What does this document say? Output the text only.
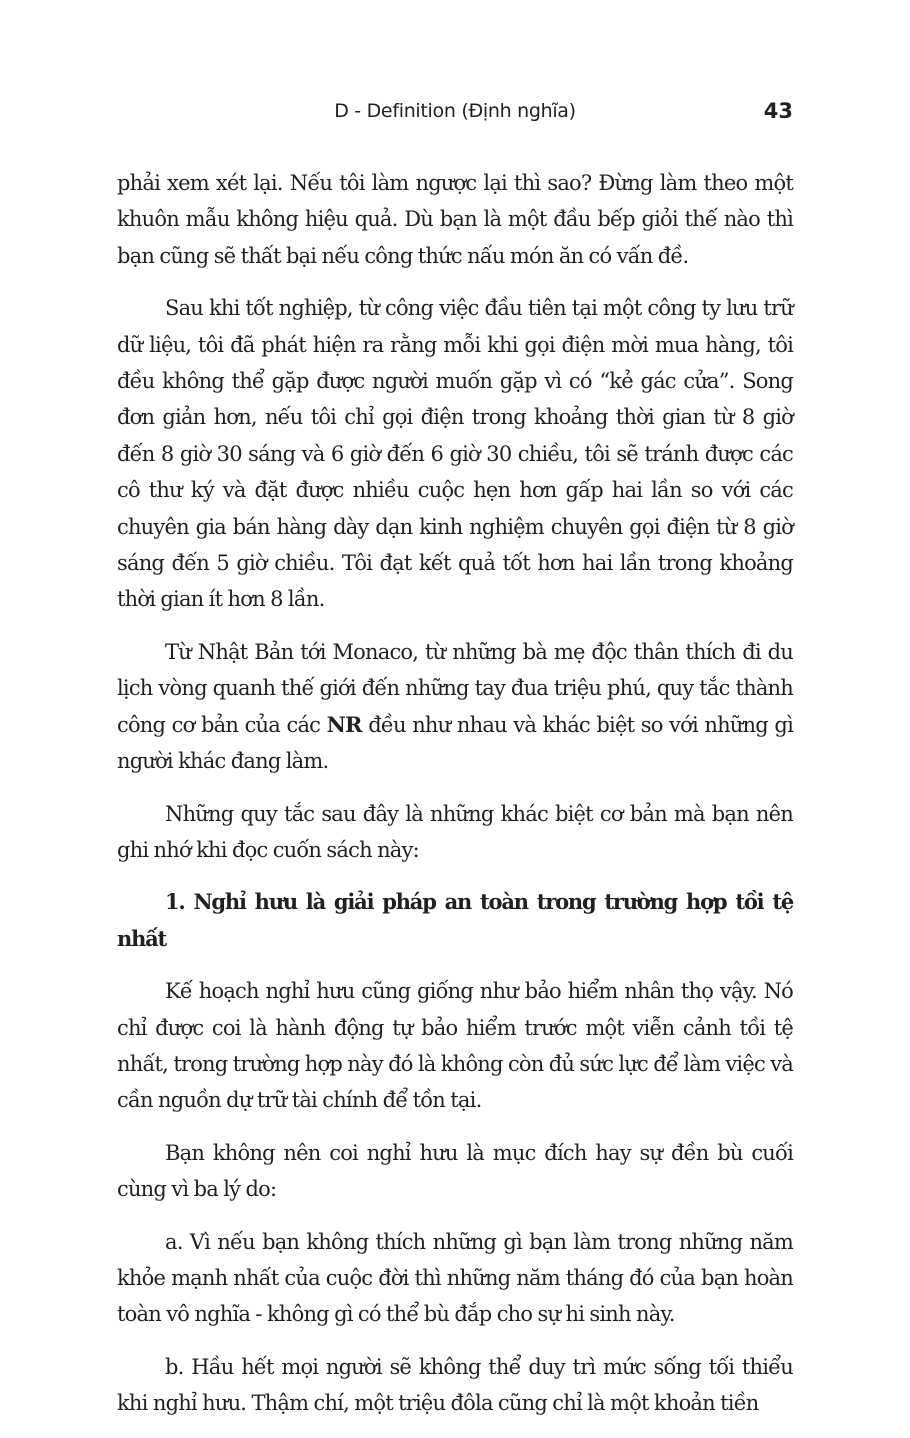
D - Definition (Định nghĩa)	43

phải xem xét lại. Nếu tôi làm ngược lại thì sao? Đừng làm theo một khuôn mẫu không hiệu quả. Dù bạn là một đầu bếp giỏi thế nào thì bạn cũng sẽ thất bại nếu công thức nấu món ăn có vấn đề.

Sau khi tốt nghiệp, từ công việc đầu tiên tại một công ty lưu trữ dữ liệu, tôi đã phát hiện ra rằng mỗi khi gọi điện mời mua hàng, tôi đều không thể gặp được người muốn gặp vì có “kẻ gác cửa”. Song đơn giản hơn, nếu tôi chỉ gọi điện trong khoảng thời gian từ 8 giờ đến 8 giờ 30 sáng và 6 giờ đến 6 giờ 30 chiều, tôi sẽ tránh được các cô thư ký và đặt được nhiều cuộc hẹn hơn gấp hai lần so với các chuyên gia bán hàng dày dạn kinh nghiệm chuyên gọi điện từ 8 giờ sáng đến 5 giờ chiều. Tôi đạt kết quả tốt hơn hai lần trong khoảng thời gian ít hơn 8 lần.

Từ Nhật Bản tới Monaco, từ những bà mẹ độc thân thích đi du lịch vòng quanh thế giới đến những tay đua triệu phú, quy tắc thành công cơ bản của các NR đều như nhau và khác biệt so với những gì người khác đang làm.

Những quy tắc sau đây là những khác biệt cơ bản mà bạn nên ghi nhớ khi đọc cuốn sách này:

1. Nghỉ hưu là giải pháp an toàn trong trường hợp tồi tệ nhất

Kế hoạch nghỉ hưu cũng giống như bảo hiểm nhân thọ vậy. Nó chỉ được coi là hành động tự bảo hiểm trước một viễn cảnh tồi tệ nhất, trong trường hợp này đó là không còn đủ sức lực để làm việc và cần nguồn dự trữ tài chính để tồn tại.

Bạn không nên coi nghỉ hưu là mục đích hay sự đền bù cuối cùng vì ba lý do:

a. Vì nếu bạn không thích những gì bạn làm trong những năm khỏe mạnh nhất của cuộc đời thì những năm tháng đó của bạn hoàn toàn vô nghĩa - không gì có thể bù đắp cho sự hi sinh này.

b. Hầu hết mọi người sẽ không thể duy trì mức sống tối thiểu khi nghỉ hưu. Thậm chí, một triệu đôla cũng chỉ là một khoản tiền
